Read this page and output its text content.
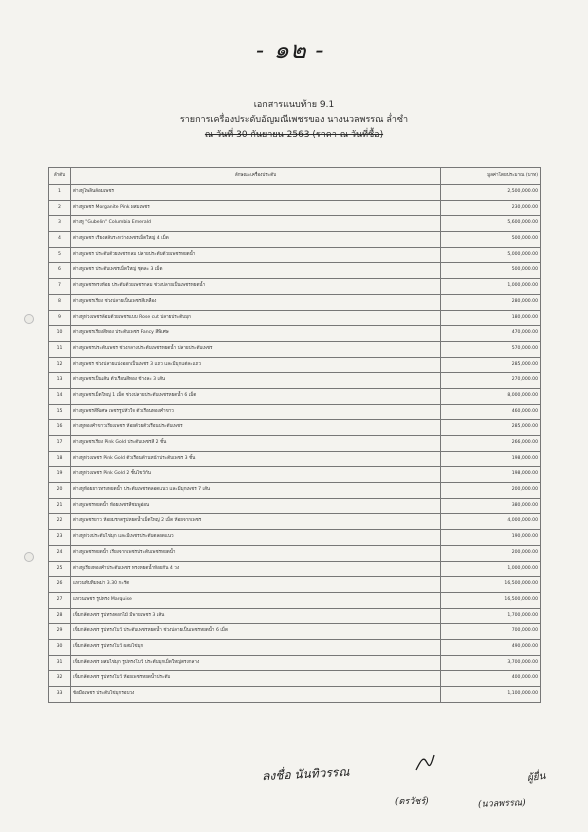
- ๑๒ -
เอกสารแนบท้าย 9.1
รายการเครื่องประดับอัญมณีเพชรของ นางนวลพรรณ ล่ำซำ
ณ วันที่ 30 กันยายน 2563 (ราคา ณ วันที่ซื้อ)
ลำดับ	ลักษณะเครื่องประดับ	มูลค่าโดยประมาณ (บาท)
1	ต่างหูไพลินล้อมเพชร	2,500,000.00
2	ต่างหูเพชร Morganite Pink ผสมเพชร	230,000.00
3	ต่างหู "Gubelin" Columbia Emerald	5,600,000.00
4	ต่างหูเพชร เรียงสลับระหว่างเพชรเม็ดใหญ่ 4 เม็ด	500,000.00
5	ต่างหูเพชร ประดับด้วยเพชรกลม ปลายประดับด้วยเพชรหยดน้ำ	5,000,000.00
6	ต่างหูเพชร ประดับเพชรเม็ดใหญ่ ชุดละ 3 เม็ด	500,000.00
7	ต่างหูเพชรทรงห้อย ประดับด้วยเพชรกลม ช่วงปลายเป็นเพชรหยดน้ำ	1,000,000.00
8	ต่างหูเพชรเรียง ช่วงปลายเป็นเพชรสีเหลือง	280,000.00
9	ต่างหูห่วงเพชรล้อมด้วยเพชรแบบ Rose cut ปลายประดับมุก	180,000.00
10	ต่างหูเพชรเรียงสีทอง ประดับเพชร Fancy สีพิเศษ	470,000.00
11	ต่างหูเพชรประดับเพชร ช่วงกลางประดับเพชรหยดน้ำ ปลายประดับเพชร	570,000.00
12	ต่างหูเพชร ช่วงปลายแบ่งออกเป็นเพชร 3 แถว และมีมุกแต่ละแถว	285,000.00
13	ต่างหูเพชรเป็นเส้น ตัวเรือนสีทอง ข้างละ 3 เส้น	270,000.00
14	ต่างหูเพชรเม็ดใหญ่ 1 เม็ด ช่วงปลายประดับเพชรหยดน้ำ 6 เม็ด	8,000,000.00
15	ต่างหูเพชรสีพิเศษ เพชรรูปหัวใจ ตัวเรือนทองคำขาว	460,000.00
16	ต่างหูทองคำขาวเรียงเพชร ห้อยด้วยตัวเรือนประดับเพชร	285,000.00
17	ต่างหูเพชรเรียง Pink Gold ประดับเพชรสี 2 ชั้น	266,000.00
18	ต่างหูห่วงเพชร Pink Gold ตัวเรือนด้านหน้าประดับเพชร 3 ชั้น	198,000.00
19	ต่างหูห่วงเพชร Pink Gold 2 ชั้นไขว้กัน	198,000.00
20	ต่างหูห้อยยาวทรงหยดน้ำ ประดับเพชรตลอดแนว และมีมุกเพชร 7 เส้น	200,000.00
21	ต่างหูเพชรหยดน้ำ ห้อยเพชรสีชมพูอ่อน	380,000.00
22	ต่างหูเพชรยาว ห้อยมรกตรูปหยดน้ำเม็ดใหญ่ 2 เม็ด ห้อยจากเพชร	4,000,000.00
23	ต่างหูห่วงประดับไข่มุก และมีเพชรประดับตลอดแนว	190,000.00
24	ต่างหูเพชรหยดน้ำ เรียงจากเพชรประดับเพชรหยดน้ำ	200,000.00
25	ต่างหูเรียงทองคำประดับเพชร ทรงหยดน้ำห้อยกัน 4 วง	1,000,000.00
26	แหวนทับทิมพม่า 3.30 กะรัต	16,500,000.00
27	แหวนเพชร รูปทรง Marquise	16,500,000.00
28	เข็มกลัดเพชร รูปทรงดอกไม้ มีพายเพชร 3 เส้น	1,700,000.00
29	เข็มกลัดเพชร รูปทรงโบว์ ประดับเพชรหยดน้ำ ช่วงปลายเป็นเพชรหยดน้ำ 6 เม็ด	700,000.00
30	เข็มกลัดเพชร รูปทรงโบว์ ผสมไข่มุก	490,000.00
31	เข็มกลัดเพชร ผสมไข่มุก รูปทรงโบว์ ประดับมุกเม็ดใหญ่ตรงกลาง	3,700,000.00
32	เข็มกลัดเพชร รูปทรงโบว์ ห้อยเพชรหยดน้ำประดับ	400,000.00
33	ข้อมือเพชร ประดับไข่มุกรอบวง	1,100,000.00
ลงชื่อ นันทิวรรณ	ผู้ยื่น
(ตรวัชร์)	(นวลพรรณ)
